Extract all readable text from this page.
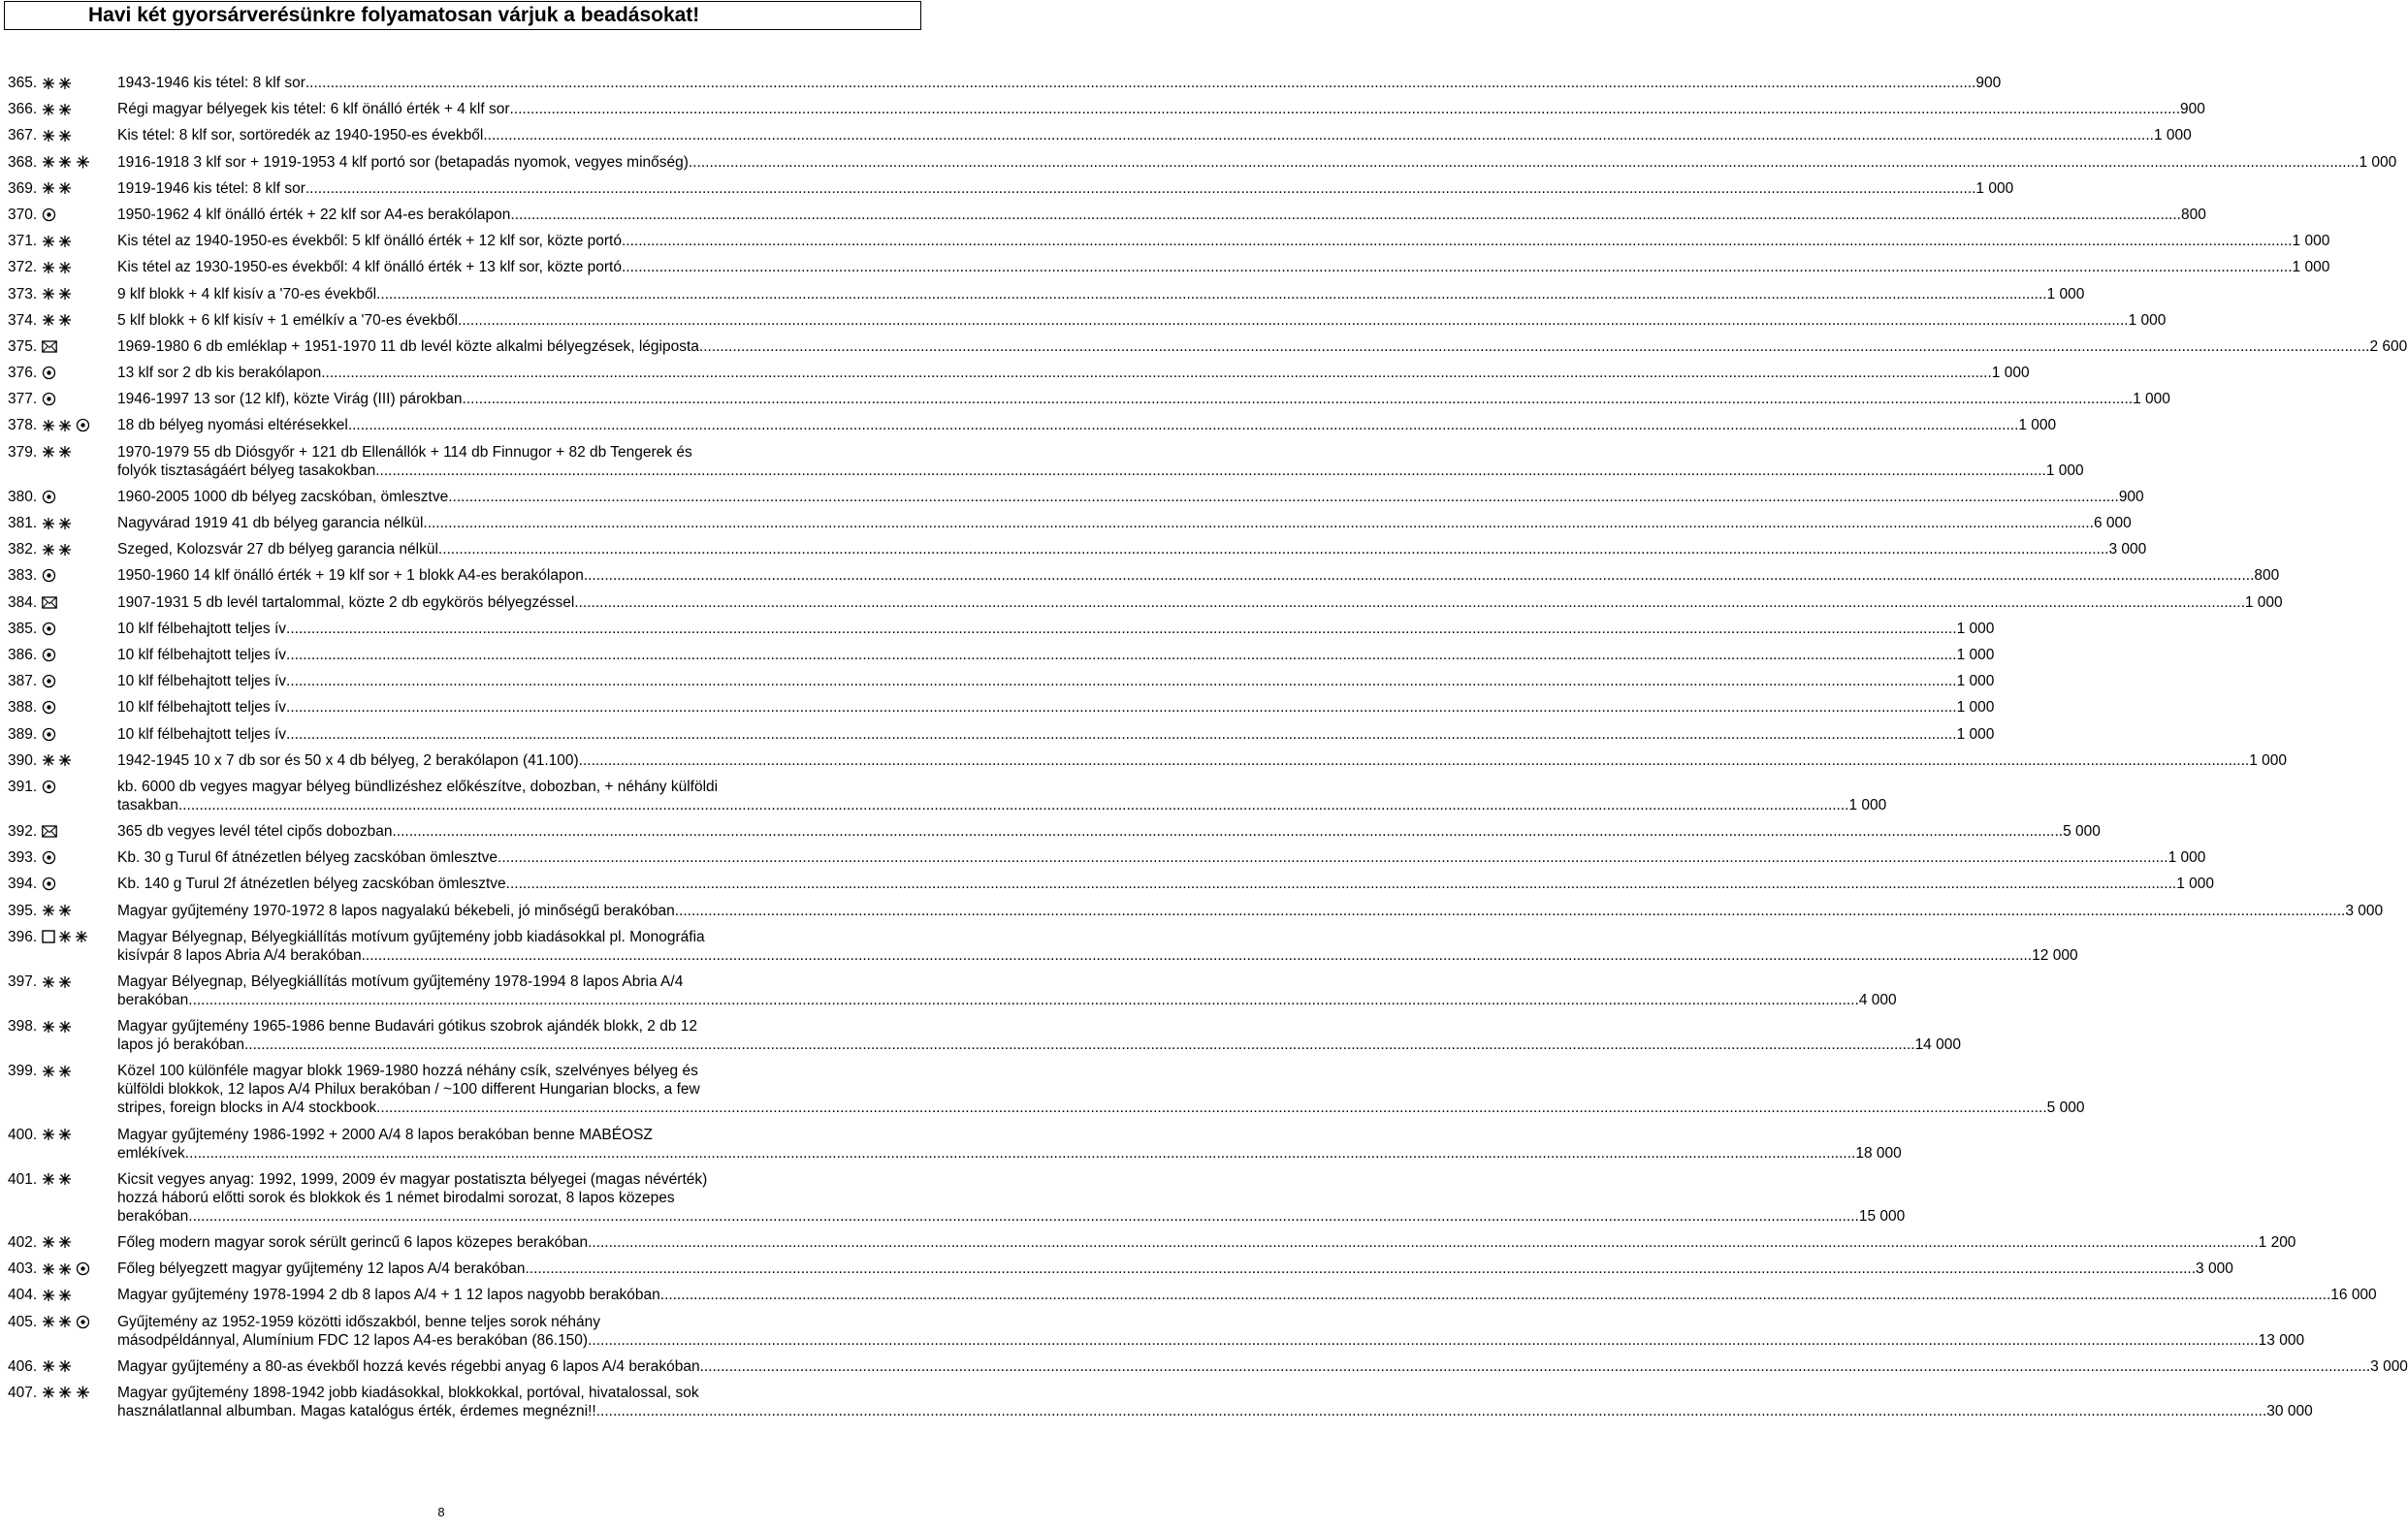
Havi két gyorsárverésünkre folyamatosan várjuk a beadásokat!
365.	1943-1946 kis tétel: 8 klf sor ................................................................................................................................................................................................................................................................................................................................................................................................................ 900
366.	Régi magyar bélyegek kis tétel: 6 klf önálló érték + 4 klf sor ................................................................................................................................................................................................................................................................................................................................................................................................................ 900
367.	Kis tétel: 8 klf sor, sortöredék az 1940-1950-es évekből ................................................................................................................................................................................................................................................................................................................................................................................................................ 1 000
368.	1916-1918 3 klf sor + 1919-1953 4 klf portó sor (betapadás nyomok, vegyes minőség) ................................................................................................................................................................................................................................................................................................................................................................................................................ 1 000
369.	1919-1946 kis tétel: 8 klf sor ................................................................................................................................................................................................................................................................................................................................................................................................................ 1 000
370.	1950-1962 4 klf önálló érték + 22 klf sor A4-es berakólapon ................................................................................................................................................................................................................................................................................................................................................................................................................ 800
371.	Kis tétel az 1940-1950-es évekből: 5 klf önálló érték + 12 klf sor, közte portó ................................................................................................................................................................................................................................................................................................................................................................................................................ 1 000
372.	Kis tétel az 1930-1950-es évekből: 4 klf önálló érték + 13 klf sor, közte portó ................................................................................................................................................................................................................................................................................................................................................................................................................ 1 000
373.	9 klf blokk + 4 klf kisív a '70-es évekből ................................................................................................................................................................................................................................................................................................................................................................................................................ 1 000
374.	5 klf blokk + 6 klf kisív + 1 emélkív a '70-es évekből ................................................................................................................................................................................................................................................................................................................................................................................................................ 1 000
375.	1969-1980 6 db emléklap + 1951-1970 11 db levél közte alkalmi bélyegzések, légiposta ................................................................................................................................................................................................................................................................................................................................................................................................................ 2 600
376.	13 klf sor 2 db kis berakólapon ................................................................................................................................................................................................................................................................................................................................................................................................................ 1 000
377.	1946-1997 13 sor (12 klf), közte Virág (III) párokban ................................................................................................................................................................................................................................................................................................................................................................................................................ 1 000
378.	18 db bélyeg nyomási eltérésekkel ................................................................................................................................................................................................................................................................................................................................................................................................................ 1 000
379.	1970-1979 55 db Diósgyőr + 121 db Ellenállók + 114 db Finnugor + 82 db Tengerek és
folyók tisztaságáért bélyeg tasakokban ................................................................................................................................................................................................................................................................................................................................................................................................................ 1 000
380.	1960-2005 1000 db bélyeg zacskóban, ömlesztve ................................................................................................................................................................................................................................................................................................................................................................................................................ 900
381.	Nagyvárad 1919 41 db bélyeg garancia nélkül ................................................................................................................................................................................................................................................................................................................................................................................................................ 6 000
382.	Szeged, Kolozsvár 27 db bélyeg garancia nélkül ................................................................................................................................................................................................................................................................................................................................................................................................................ 3 000
383.	1950-1960 14 klf önálló érték + 19 klf sor + 1 blokk A4-es berakólapon ................................................................................................................................................................................................................................................................................................................................................................................................................ 800
384.	1907-1931 5 db levél tartalommal, közte 2 db egykörös bélyegzéssel ................................................................................................................................................................................................................................................................................................................................................................................................................ 1 000
385.	10 klf félbehajtott teljes ív ................................................................................................................................................................................................................................................................................................................................................................................................................ 1 000
386.	10 klf félbehajtott teljes ív ................................................................................................................................................................................................................................................................................................................................................................................................................ 1 000
387.	10 klf félbehajtott teljes ív ................................................................................................................................................................................................................................................................................................................................................................................................................ 1 000
388.	10 klf félbehajtott teljes ív ................................................................................................................................................................................................................................................................................................................................................................................................................ 1 000
389.	10 klf félbehajtott teljes ív ................................................................................................................................................................................................................................................................................................................................................................................................................ 1 000
390.	1942-1945 10 x 7 db sor és 50 x 4 db bélyeg, 2 berakólapon (41.100) ................................................................................................................................................................................................................................................................................................................................................................................................................ 1 000
391.	kb. 6000 db vegyes magyar bélyeg bündlizéshez előkészítve, dobozban, + néhány külföldi
tasakban ................................................................................................................................................................................................................................................................................................................................................................................................................ 1 000
392.	365 db vegyes levél tétel cipős dobozban ................................................................................................................................................................................................................................................................................................................................................................................................................ 5 000
393.	Kb. 30 g Turul 6f átnézetlen bélyeg zacskóban ömlesztve ................................................................................................................................................................................................................................................................................................................................................................................................................ 1 000
394.	Kb. 140 g Turul 2f átnézetlen bélyeg zacskóban ömlesztve ................................................................................................................................................................................................................................................................................................................................................................................................................ 1 000
395.	Magyar gyűjtemény 1970-1972 8 lapos nagyalakú békebeli, jó minőségű berakóban ................................................................................................................................................................................................................................................................................................................................................................................................................ 3 000
396.	Magyar Bélyegnap, Bélyegkiállítás motívum gyűjtemény jobb kiadásokkal pl. Monográfia
kisívpár 8 lapos Abria A/4 berakóban ................................................................................................................................................................................................................................................................................................................................................................................................................ 12 000
397.	Magyar Bélyegnap, Bélyegkiállítás motívum gyűjtemény 1978-1994 8 lapos Abria A/4
berakóban ................................................................................................................................................................................................................................................................................................................................................................................................................ 4 000
398.	Magyar gyűjtemény 1965-1986 benne Budavári gótikus szobrok ajándék blokk, 2 db 12
lapos jó berakóban ................................................................................................................................................................................................................................................................................................................................................................................................................ 14 000
399.	Közel 100 különféle magyar blokk 1969-1980 hozzá néhány csík, szelvényes bélyeg és
külföldi blokkok, 12 lapos A/4 Philux berakóban / ~100 different Hungarian blocks, a few
stripes, foreign blocks in A/4 stockbook ................................................................................................................................................................................................................................................................................................................................................................................................................ 5 000
400.	Magyar gyűjtemény 1986-1992 + 2000 A/4 8 lapos berakóban benne MABÉOSZ
emlékívek ................................................................................................................................................................................................................................................................................................................................................................................................................ 18 000
401.	Kicsit vegyes anyag: 1992, 1999, 2009 év magyar postatiszta bélyegei (magas névérték)
hozzá háború előtti sorok és blokkok és 1 német birodalmi sorozat, 8 lapos közepes
berakóban ................................................................................................................................................................................................................................................................................................................................................................................................................ 15 000
402.	Főleg modern magyar sorok sérült gerincű 6 lapos közepes berakóban ................................................................................................................................................................................................................................................................................................................................................................................................................ 1 200
403.	Főleg bélyegzett magyar gyűjtemény 12 lapos A/4 berakóban ................................................................................................................................................................................................................................................................................................................................................................................................................ 3 000
404.	Magyar gyűjtemény 1978-1994 2 db 8 lapos A/4 + 1 12 lapos nagyobb berakóban ................................................................................................................................................................................................................................................................................................................................................................................................................ 16 000
405.	Gyűjtemény az 1952-1959 közötti időszakból, benne teljes sorok néhány
másodpéldánnyal, Alumínium FDC 12 lapos A4-es berakóban (86.150) ................................................................................................................................................................................................................................................................................................................................................................................................................ 13 000
406.	Magyar gyűjtemény a 80-as évekből hozzá kevés régebbi anyag 6 lapos A/4 berakóban ................................................................................................................................................................................................................................................................................................................................................................................................................ 3 000
407.	Magyar gyűjtemény 1898-1942 jobb kiadásokkal, blokkokkal, portóval, hivatalossal, sok
használatlannal albumban. Magas katalógus érték, érdemes megnézni!! ................................................................................................................................................................................................................................................................................................................................................................................................................ 30 000
8
